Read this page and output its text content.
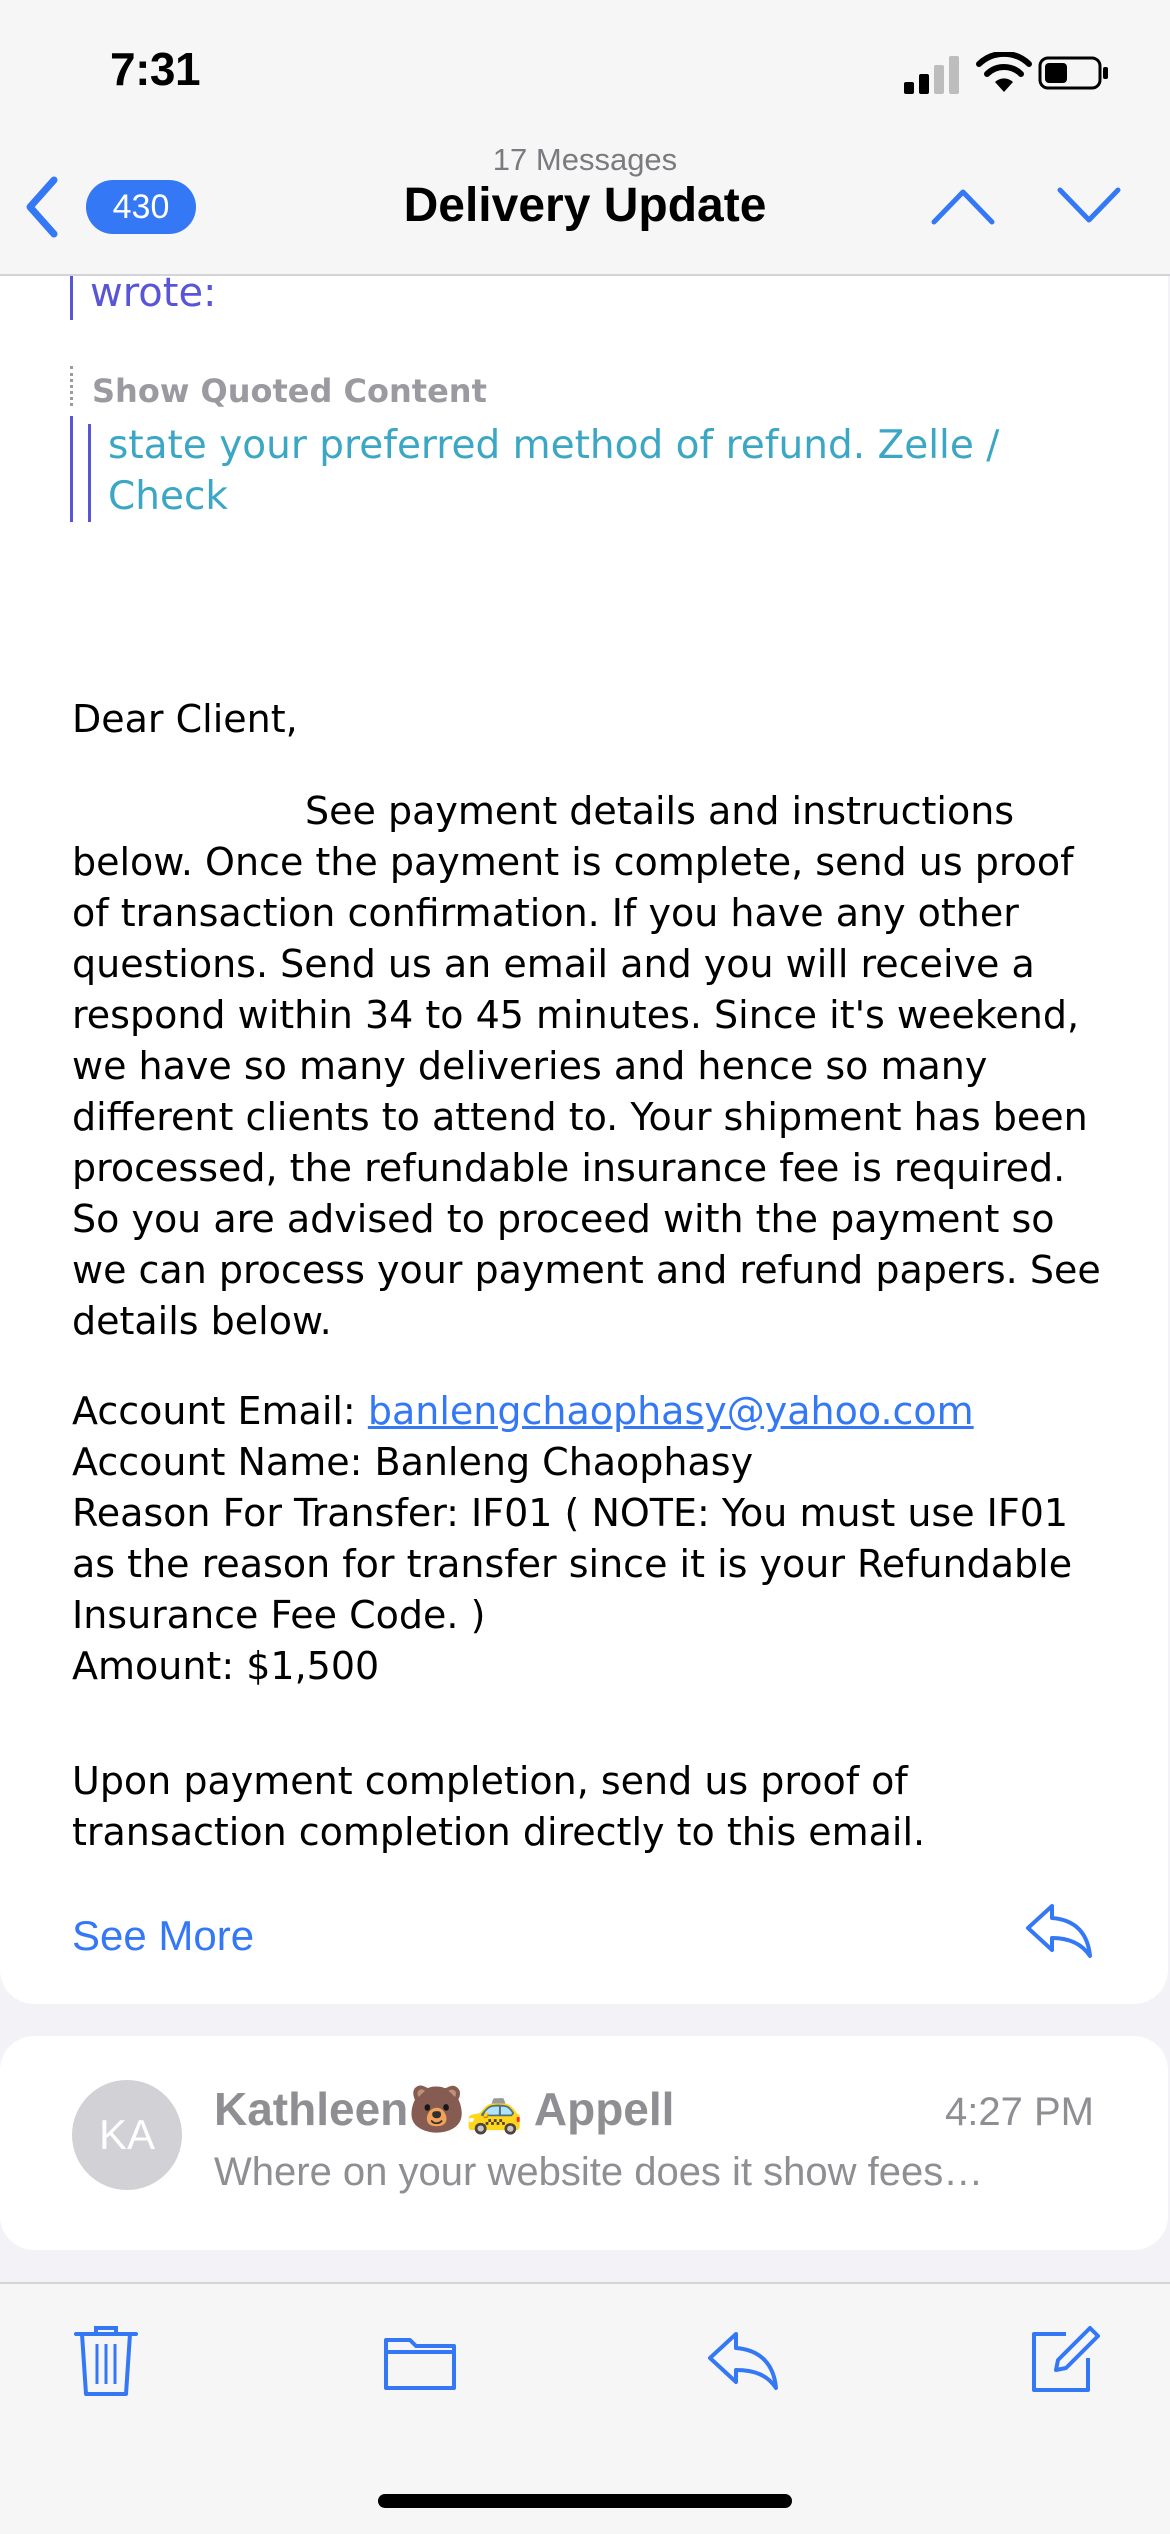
7:31
430
17 Messages
Delivery Update
wrote:
Show Quoted Content
state your preferred method of refund. Zelle / Check
Dear Client,
See payment details and instructions below. Once the payment is complete, send us proof of transaction confirmation. If you have any other questions. Send us an email and you will receive a respond within 34 to 45 minutes. Since it's weekend, we have so many deliveries and hence so many different clients to attend to. Your shipment has been processed, the refundable insurance fee is required. So you are advised to proceed with the payment so we can process your payment and refund papers. See details below.
Account Email: banlengchaophasy@yahoo.com
Account Name: Banleng Chaophasy
Reason For Transfer: IF01 ( NOTE: You must use IF01 as the reason for transfer since it is your Refundable Insurance Fee Code. )
Amount: $1,500
Upon payment completion, send us proof of transaction completion directly to this email.
See More
KA	Kathleen🐻🚕 Appell	4:27 PM
Where on your website does it show fees…
